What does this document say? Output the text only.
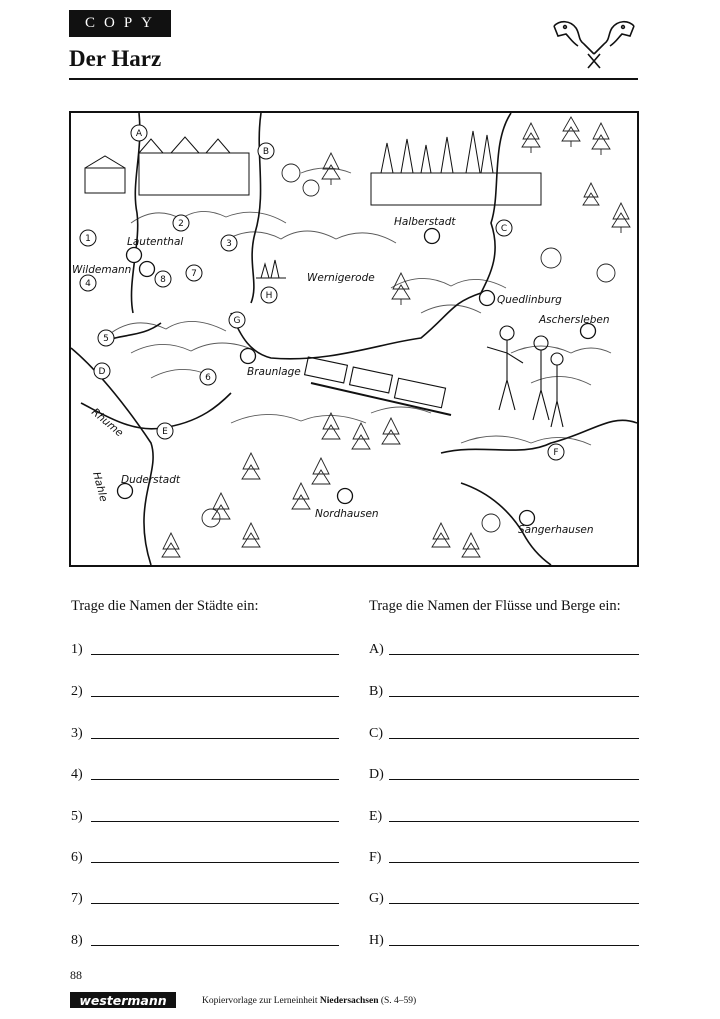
COPY
Der Harz
1
2
3
4
5
6
7
8
A
B
C
D
E
F
G
H
Halberstadt
Lautenthal
Wildemann
Wernigerode
Quedlinburg
Aschersleben
Braunlage
Duderstadt
Nordhausen
Sangerhausen
Rhume
Hahle
Trage die Namen der Städte ein:	Trage die Namen der Flüsse und Berge ein:
1)
2)
3)
4)
5)
6)
7)
8)
A)
B)
C)
D)
E)
F)
G)
H)
88
westermann	Kopiervorlage zur Lerneinheit Niedersachsen (S. 4–59)
